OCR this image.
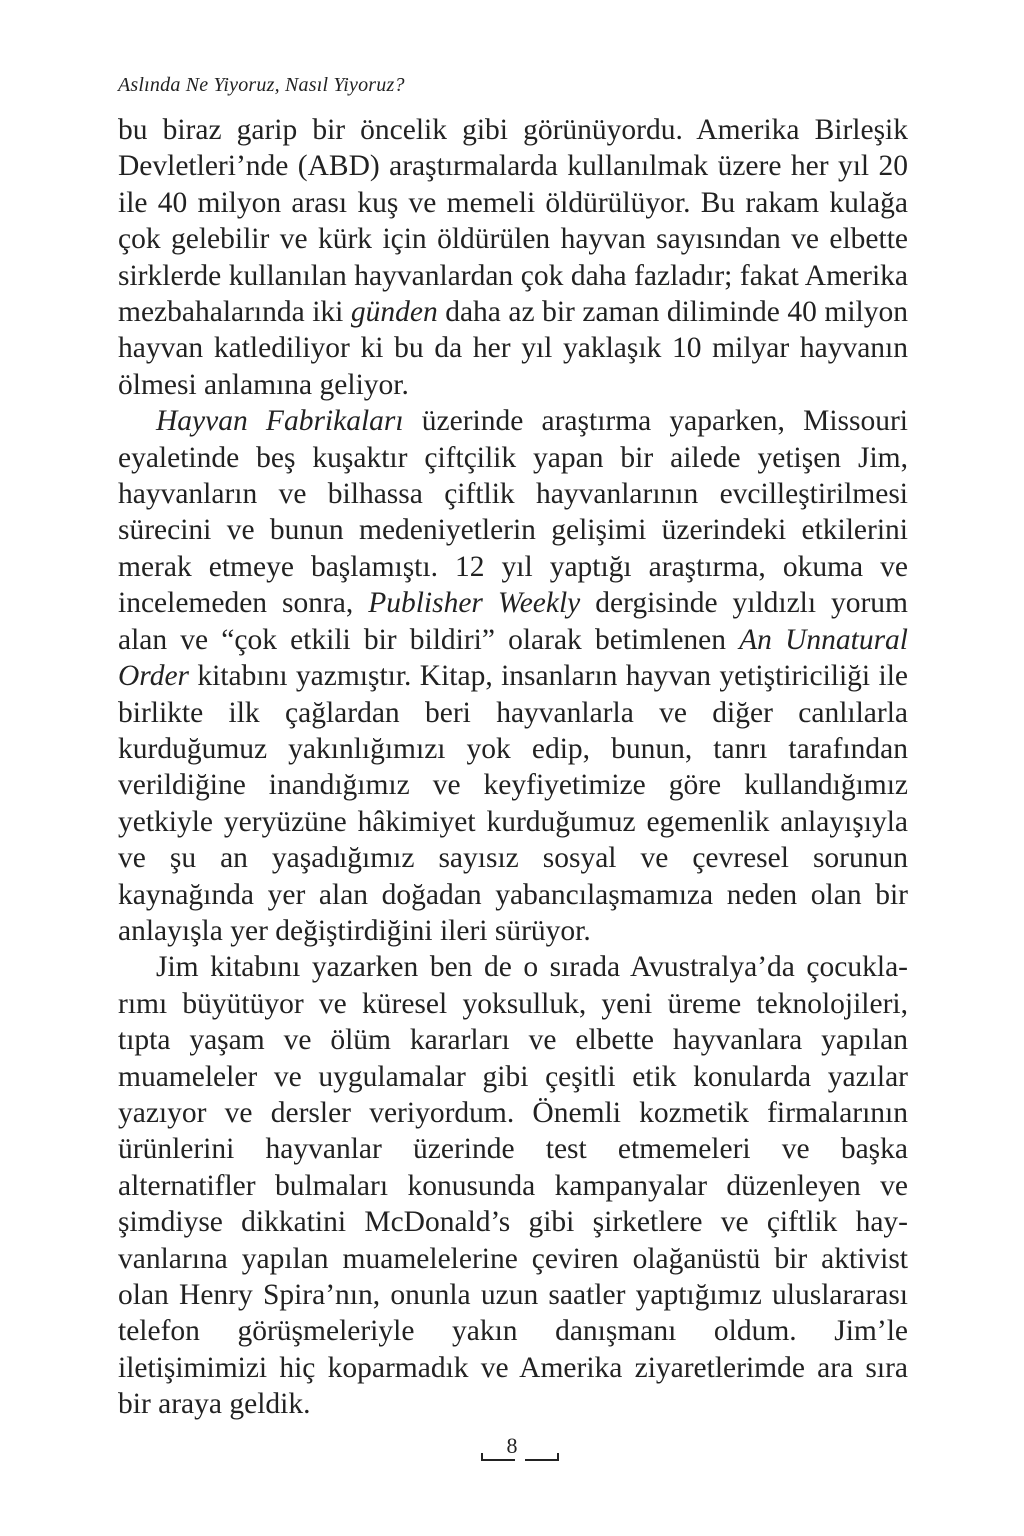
Aslında Ne Yiyoruz, Nasıl Yiyoruz?

bu biraz garip bir öncelik gibi görünüyordu. Amerika Birleşik Devletleri’nde (ABD) araştırmalarda kullanılmak üzere her yıl 20 ile 40 milyon arası kuş ve memeli öldürülüyor. Bu rakam kulağa çok gelebilir ve kürk için öldürülen hayvan sayısından ve elbette sirklerde kullanılan hayvanlardan çok daha fazladır; fakat Amerika mezbahalarında iki günden daha az bir zaman diliminde 40 milyon hayvan katlediliyor ki bu da her yıl yaklaşık 10 milyar hayvanın ölmesi anlamına geliyor.

Hayvan Fabrikaları üzerinde araştırma yaparken, Missouri eyaletinde beş kuşaktır çiftçilik yapan bir ailede yetişen Jim, hayvanların ve bilhassa çiftlik hayvanlarının evcilleştirilmesi sürecini ve bunun medeniyetlerin gelişimi üzerindeki etkilerini merak etmeye başlamıştı. 12 yıl yaptığı araştırma, okuma ve incelemeden sonra, Publisher Weekly dergisinde yıldızlı yorum alan ve “çok etkili bir bildiri” olarak betimlenen An Unnatural Order kitabını yazmıştır. Kitap, insanların hayvan yetiştiriciliği ile birlikte ilk çağlardan beri hayvanlarla ve diğer canlılarla kurduğumuz yakınlığımızı yok edip, bunun, tanrı tarafından verildiğine inandığımız ve keyfiyetimize göre kullandığımız yetkiyle yeryüzüne hâkimiyet kurduğumuz egemenlik anlayışıyla ve şu an yaşadığımız sayısız sosyal ve çevresel sorunun kaynağında yer alan doğadan yabancılaşmamıza neden olan bir anlayışla yer değiştirdiğini ileri sürüyor.

Jim kitabını yazarken ben de o sırada Avustralya’da çocuklarımı büyütüyor ve küresel yoksulluk, yeni üreme teknolojileri, tıpta yaşam ve ölüm kararları ve elbette hayvanlara yapılan muameleler ve uygulamalar gibi çeşitli etik konularda yazılar yazıyor ve dersler veriyordum. Önemli kozmetik firmalarının ürünlerini hayvanlar üzerinde test etmemeleri ve başka alternatifler bulmaları konusunda kampanyalar düzenleyen ve şimdiyse dikkatini McDonald’s gibi şirketlere ve çiftlik hayvanlarına yapılan muamelelerine çeviren olağanüstü bir aktivist olan Henry Spira’nın, onunla uzun saatler yaptığımız uluslararası telefon görüşmeleriyle yakın danışmanı oldum. Jim’le iletişimimizi hiç koparmadık ve Amerika ziyaretlerimde ara sıra bir araya geldik.

8
